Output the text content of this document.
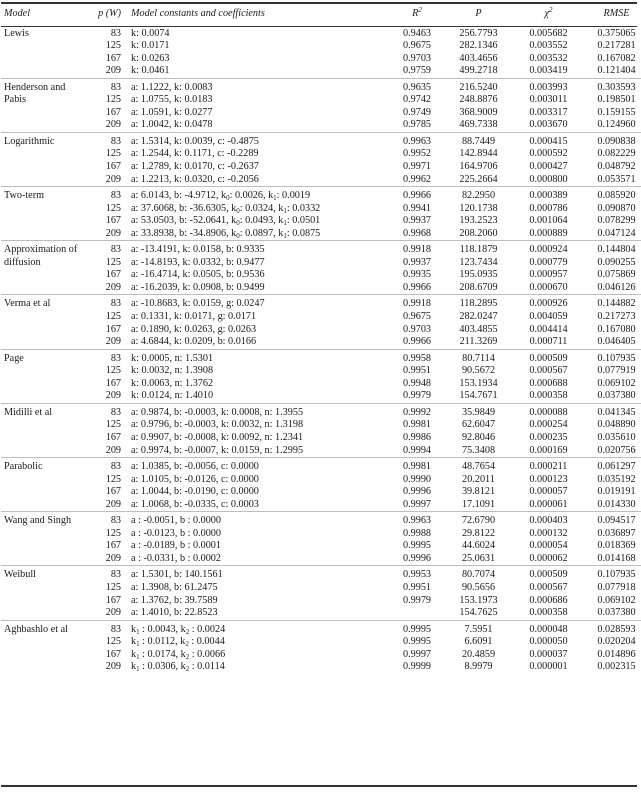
Model	p (W)	Model constants and coefficients	$R^2$	P	$\chi^2$	RMSE
Lewis	83	k: 0.0074	0.9463	256.7793	0.005682	0.375065
	125	k: 0.0171	0.9675	282.1346	0.003552	0.217281
	167	k: 0.0263	0.9703	403.4656	0.003532	0.167082
	209	k: 0.0461	0.9759	499.2718	0.003419	0.121404
Henderson and Pabis	83	a: 1.1222, k: 0.0083	0.9635	216.5240	0.003993	0.303593
	125	a: 1.0755, k: 0.0183	0.9742	248.8876	0.003011	0.198501
	167	a: 1.0591, k: 0.0277	0.9749	368.9009	0.003317	0.159155
	209	a: 1.0042, k: 0.0478	0.9785	469.7338	0.003670	0.124960
Logarithmic	83	a: 1.5314, k: 0.0039, c: -0.4875	0.9963	88.7449	0.000415	0.090838
	125	a: 1.2544, k: 0.1171, c: -0.2289	0.9952	142.8944	0.000592	0.082229
	167	a: 1.2789, k: 0.0170, c: -0.2637	0.9971	164.9706	0.000427	0.048792
	209	a: 1.2213, k: 0.0320, c: -0.2056	0.9962	225.2664	0.000800	0.053571
Two-term	83	a: 6.0143, b: -4.9712, $k_0$: 0.0026, $k_1$: 0.0019	0.9966	82.2950	0.000389	0.085920
	125	a: 37.6068, b: -36.6305, $k_0$: 0.0324, $k_1$: 0.0332	0.9941	120.1738	0.000786	0.090870
	167	a: 53.0503, b: -52.0641, $k_0$: 0.0493, $k_1$: 0.0501	0.9937	193.2523	0.001064	0.078299
	209	a: 33.8938, b: -34.8906, $k_0$: 0.0897, $k_1$: 0.0875	0.9968	208.2060	0.000889	0.047124
Approximation of diffusion	83	a: -13.4191, k: 0.0158, b: 0.9335	0.9918	118.1879	0.000924	0.144804
	125	a: -14.8193, k: 0.0332, b: 0.9477	0.9937	123.7434	0.000779	0.090255
	167	a: -16.4714, k: 0.0505, b: 0.9536	0.9935	195.0935	0.000957	0.075869
	209	a: -16.2039, k: 0.0908, b: 0.9499	0.9966	208.6709	0.000670	0.046126
Verma et al	83	a: -10.8683, k: 0.0159, g: 0.0247	0.9918	118.2895	0.000926	0.144882
	125	a: 0.1331, k: 0.0171, g: 0.0171	0.9675	282.0247	0.004059	0.217273
	167	a: 0.1890, k: 0.0263, g: 0.0263	0.9703	403.4855	0.004414	0.167080
	209	a: 4.6844, k: 0.0209, b: 0.0166	0.9966	211.3269	0.000711	0.046405
Page	83	k: 0.0005, n: 1.5301	0.9958	80.7114	0.000509	0.107935
	125	k: 0.0032, n: 1.3908	0.9951	90.5672	0.000567	0.077919
	167	k: 0.0063, n: 1.3762	0.9948	153.1934	0.000688	0.069102
	209	k: 0.0124, n: 1.4010	0.9979	154.7671	0.000358	0.037380
Midilli et al	83	a: 0.9874, b: -0.0003, k: 0.0008, n: 1.3955	0.9992	35.9849	0.000088	0.041345
	125	a: 0.9796, b: -0.0003, k: 0.0032, n: 1.3198	0.9981	62.6047	0.000254	0.048890
	167	a: 0.9907, b: -0.0008, k: 0.0092, n: 1.2341	0.9986	92.8046	0.000235	0.035610
	209	a: 0.9974, b: -0.0007, k: 0.0159, n: 1.2995	0.9994	75.3408	0.000169	0.020756
Parabolic	83	a: 1.0385, b: -0.0056, c: 0.0000	0.9981	48.7654	0.000211	0.061297
	125	a: 1.0105, b: -0.0126, c: 0.0000	0.9990	20.2011	0.000123	0.035192
	167	a: 1.0044, b: -0.0190, c: 0.0000	0.9996	39.8121	0.000057	0.019191
	209	a: 1.0068, b: -0.0335, c: 0.0003	0.9997	17.1091	0.000061	0.014330
Wang and Singh	83	a : -0.0051, b : 0.0000	0.9963	72.6790	0.000403	0.094517
	125	a : -0.0123, b : 0.0000	0.9988	29.8122	0.000132	0.036897
	167	a : -0.0189, b : 0.0001	0.9995	44.6024	0.000054	0.018369
	209	a : -0.0331, b : 0.0002	0.9996	25.0631	0.000062	0.014168
Weibull	83	a: 1.5301, b: 140.1561	0.9953	80.7074	0.000509	0.107935
	125	a: 1.3908, b: 61.2475	0.9951	90.5656	0.000567	0.077918
	167	a: 1.3762, b: 39.7589	0.9979	153.1973	0.000686	0.069102
	209	a: 1.4010, b: 22.8523		154.7625	0.000358	0.037380
Aghbashlo et al	83	$k_1$ : 0.0043, $k_2$ : 0.0024	0.9995	7.5951	0.000048	0.028593
	125	$k_1$ : 0.0112, $k_2$ : 0.0044	0.9995	6.6091	0.000050	0.020204
	167	$k_1$ : 0.0174, $k_2$ : 0.0066	0.9997	20.4859	0.000037	0.014896
	209	$k_1$ : 0.0306, $k_2$ : 0.0114	0.9999	8.9979	0.000001	0.002315
